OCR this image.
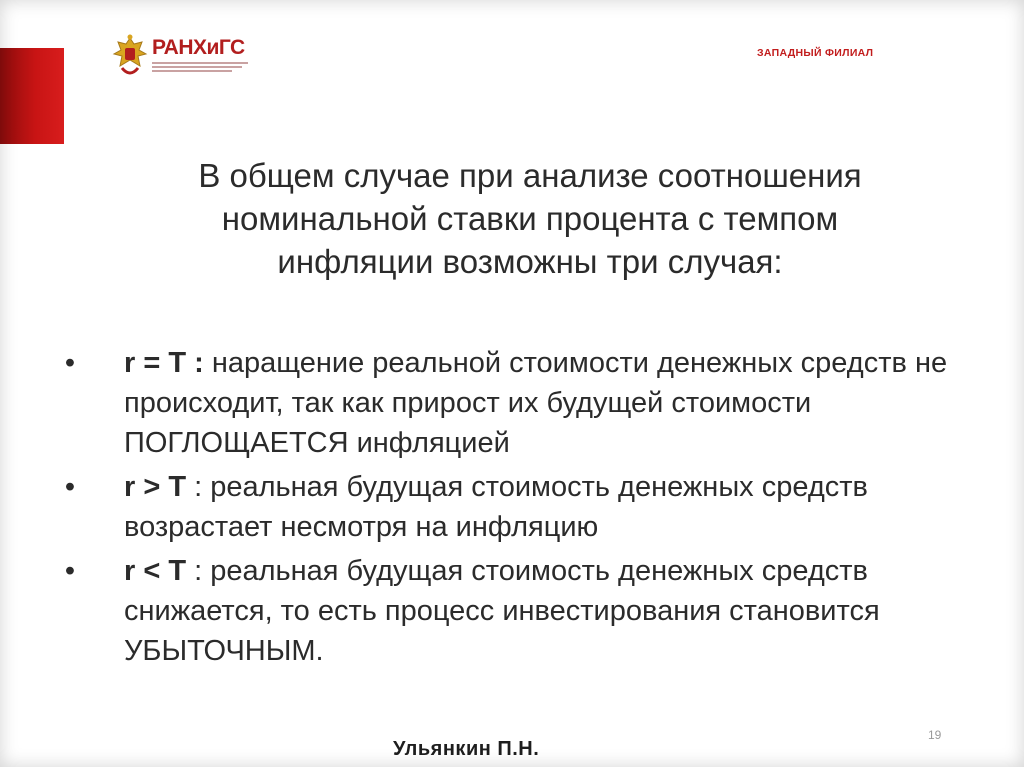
РАНХиГС	ЗАПАДНЫЙ ФИЛИАЛ
В общем случае при анализе соотношения
номинальной ставки процента с темпом
инфляции возможны три случая:
• r = T : наращение реальной стоимости денежных средств не происходит, так как прирост их будущей стоимости ПОГЛОЩАЕТСЯ инфляцией
• r > T : реальная будущая стоимость денежных средств возрастает несмотря на инфляцию
• r < T : реальная будущая стоимость денежных средств снижается, то есть процесс инвестирования становится УБЫТОЧНЫМ.
19
Ульянкин П.Н.
